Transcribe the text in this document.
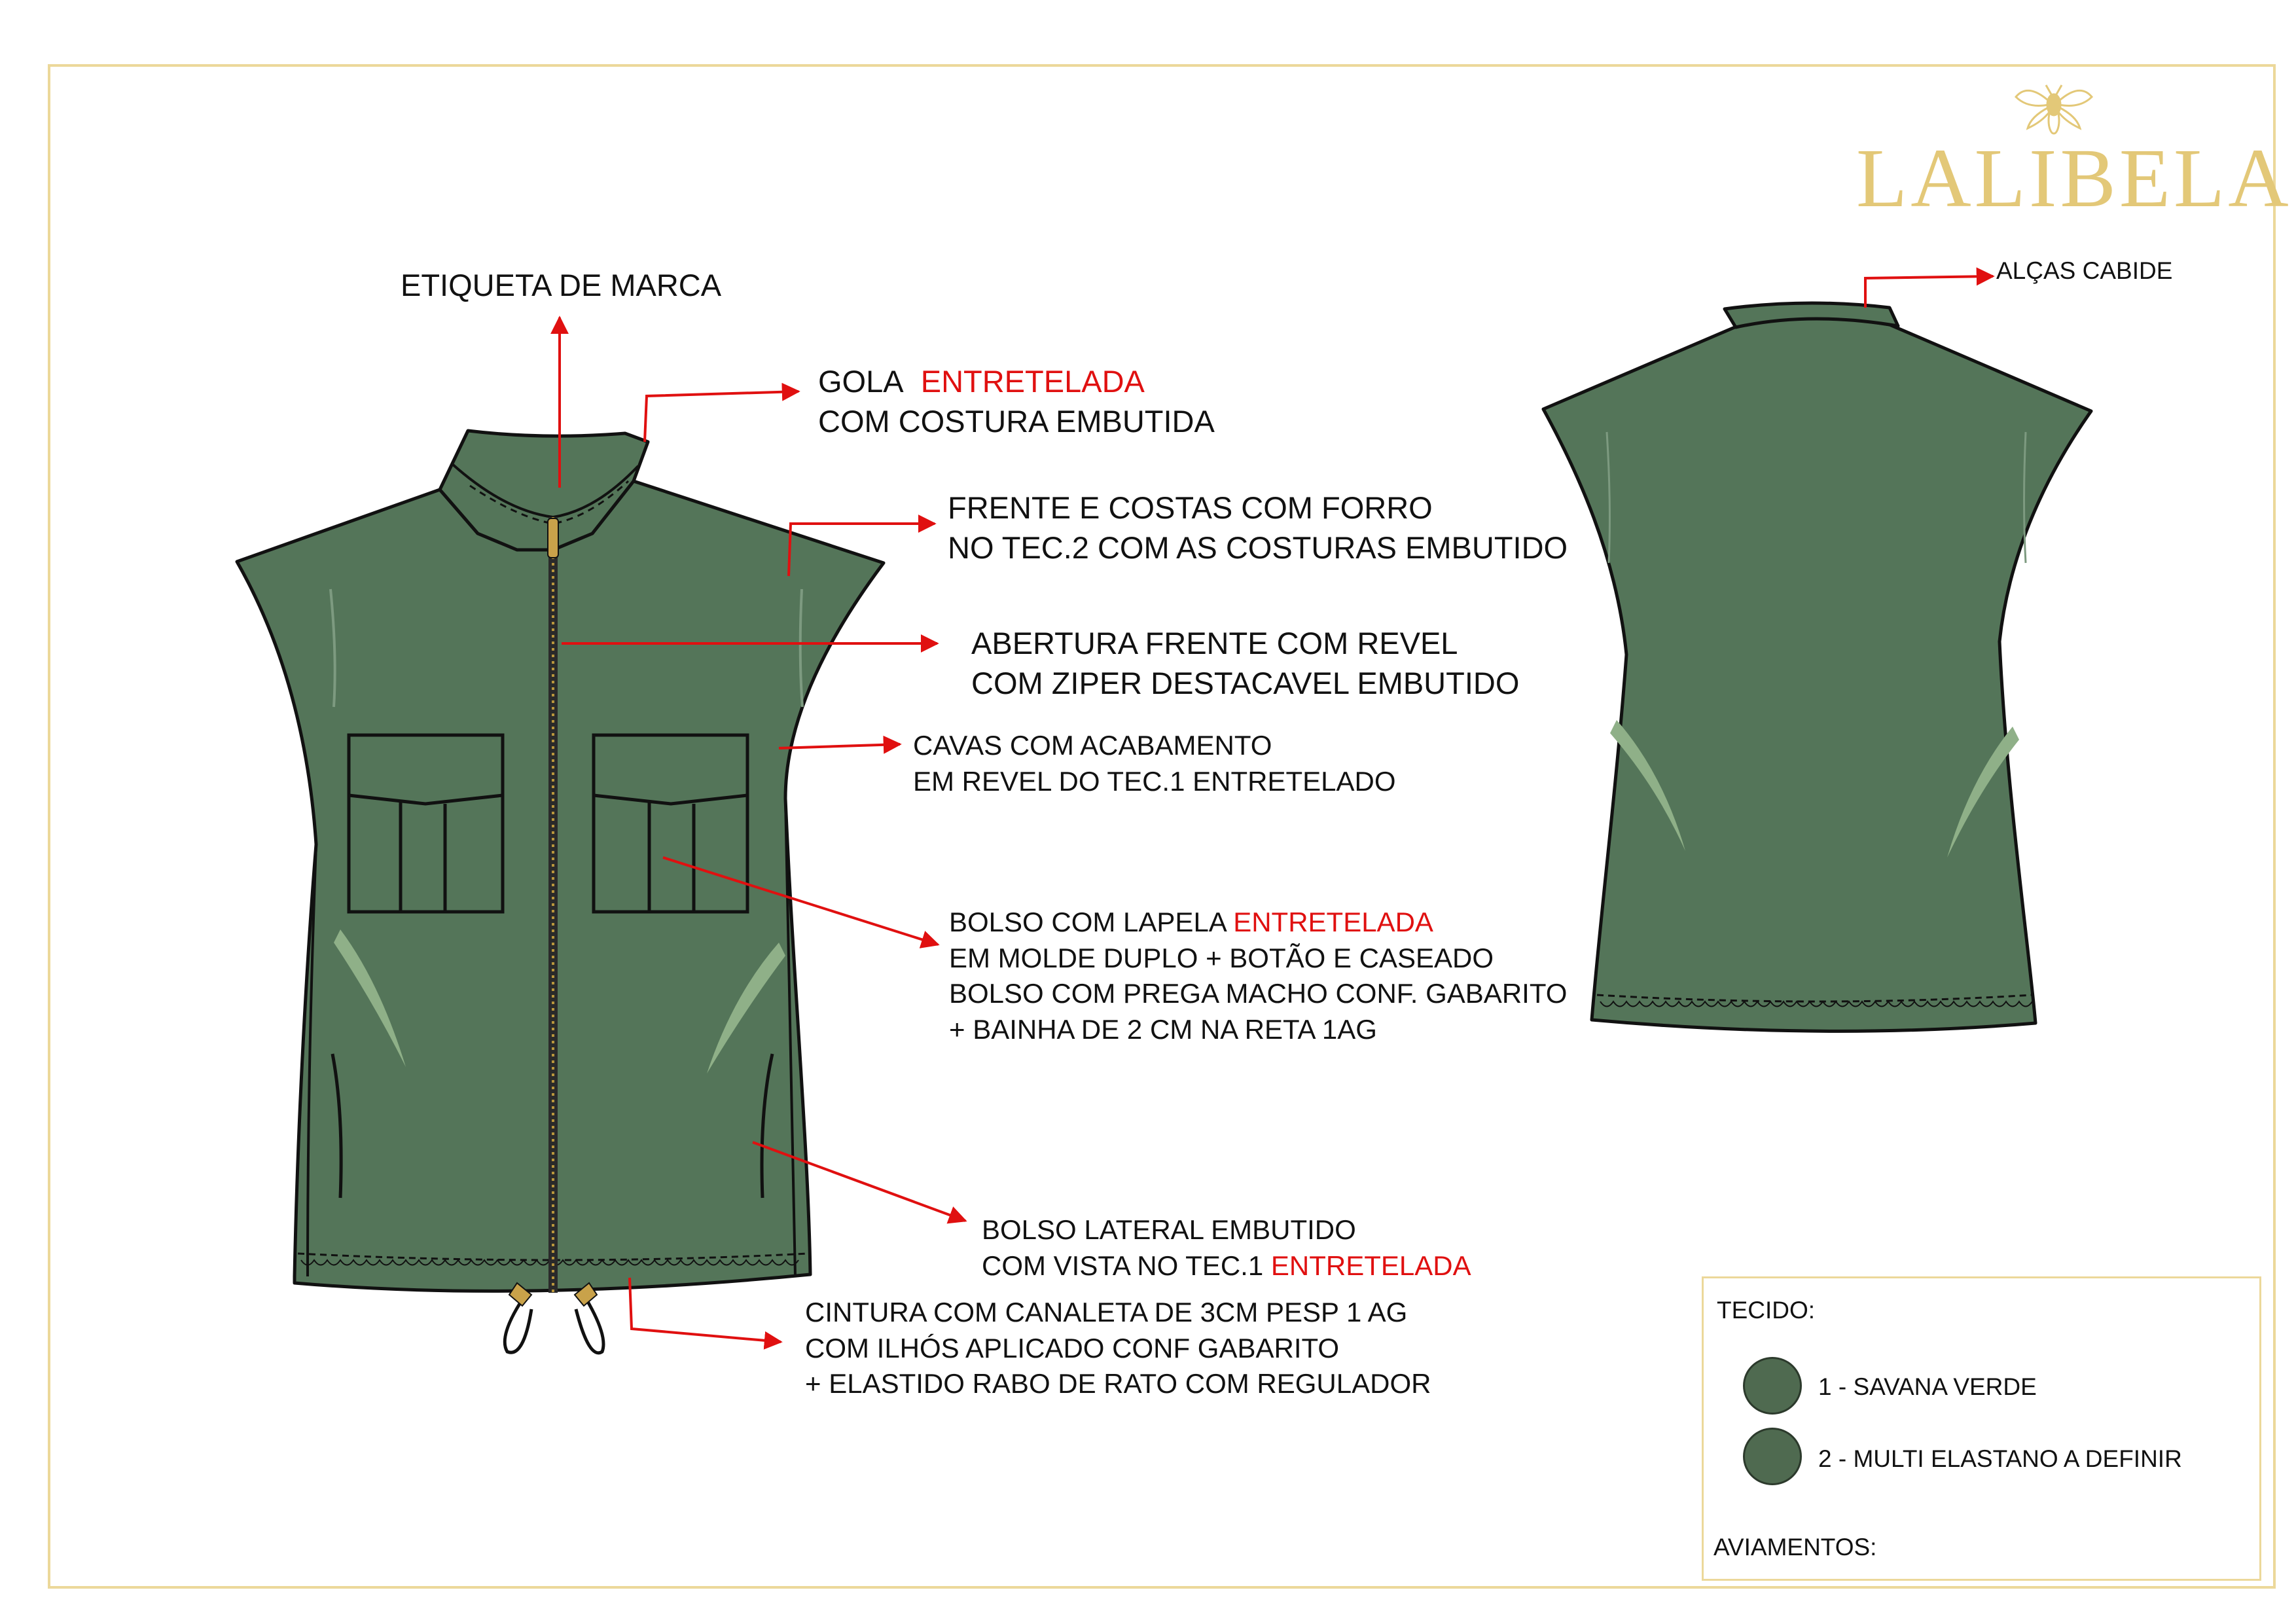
LALIBELA
ETIQUETA DE MARCA
GOLA ENTRETELADA
COM COSTURA EMBUTIDA
FRENTE E COSTAS COM FORRO
NO TEC.2 COM AS COSTURAS EMBUTIDO
ABERTURA FRENTE COM REVEL
COM ZIPER DESTACAVEL EMBUTIDO
CAVAS COM ACABAMENTO
EM REVEL DO TEC.1 ENTRETELADO
BOLSO COM LAPELA ENTRETELADA
EM MOLDE DUPLO + BOTÃO E CASEADO
BOLSO COM PREGA MACHO CONF. GABARITO
+ BAINHA DE 2 CM NA RETA 1AG
BOLSO LATERAL EMBUTIDO
COM VISTA NO TEC.1 ENTRETELADA
CINTURA COM CANALETA DE 3CM PESP 1 AG
COM ILHÓS APLICADO CONF GABARITO
+ ELASTIDO RABO DE RATO COM REGULADOR
ALÇAS CABIDE
TECIDO:
1 - SAVANA VERDE
2 - MULTI ELASTANO A DEFINIR
AVIAMENTOS:
